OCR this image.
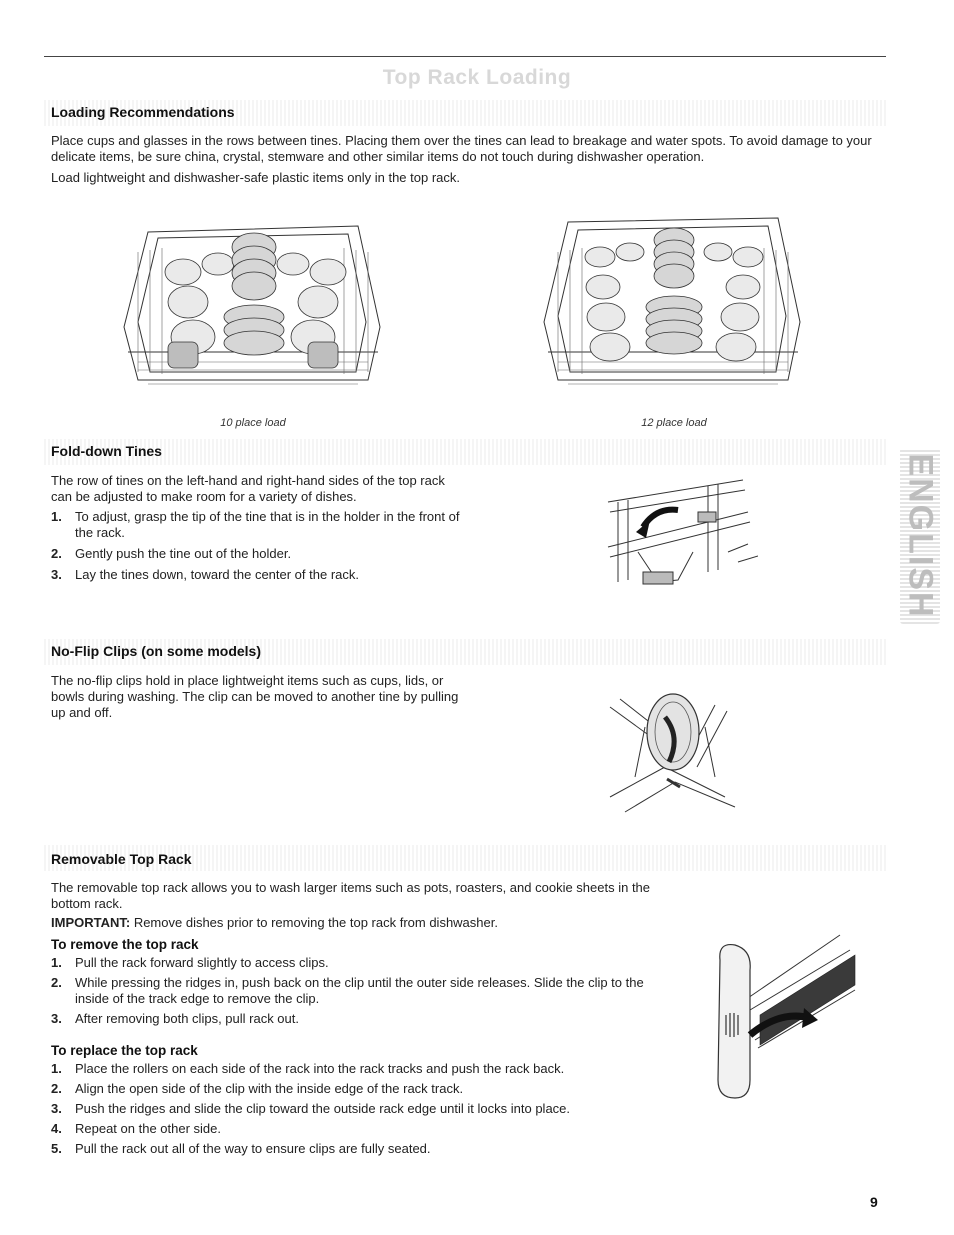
Top Rack Loading
ENGLISH
Loading Recommendations
Place cups and glasses in the rows between tines. Placing them over the tines can lead to breakage and water spots. To avoid damage to your delicate items, be sure china, crystal, stemware and other similar items do not touch during dishwasher operation.
Load lightweight and dishwasher-safe plastic items only in the top rack.
10 place load	12 place load
Fold-down Tines
The row of tines on the left-hand and right-hand sides of the top rack can be adjusted to make room for a variety of dishes.
1. To adjust, grasp the tip of the tine that is in the holder in the front of the rack.
2. Gently push the tine out of the holder.
3. Lay the tines down, toward the center of the rack.
No-Flip Clips (on some models)
The no-flip clips hold in place lightweight items such as cups, lids, or bowls during washing. The clip can be moved to another tine by pulling up and off.
Removable Top Rack
The removable top rack allows you to wash larger items such as pots, roasters, and cookie sheets in the bottom rack.
IMPORTANT: Remove dishes prior to removing the top rack from dishwasher.
To remove the top rack
1. Pull the rack forward slightly to access clips.
2. While pressing the ridges in, push back on the clip until the outer side releases. Slide the clip to the inside of the track edge to remove the clip.
3. After removing both clips, pull rack out.
To replace the top rack
1. Place the rollers on each side of the rack into the rack tracks and push the rack back.
2. Align the open side of the clip with the inside edge of the rack track.
3. Push the ridges and slide the clip toward the outside rack edge until it locks into place.
4. Repeat on the other side.
5. Pull the rack out all of the way to ensure clips are fully seated.
9
